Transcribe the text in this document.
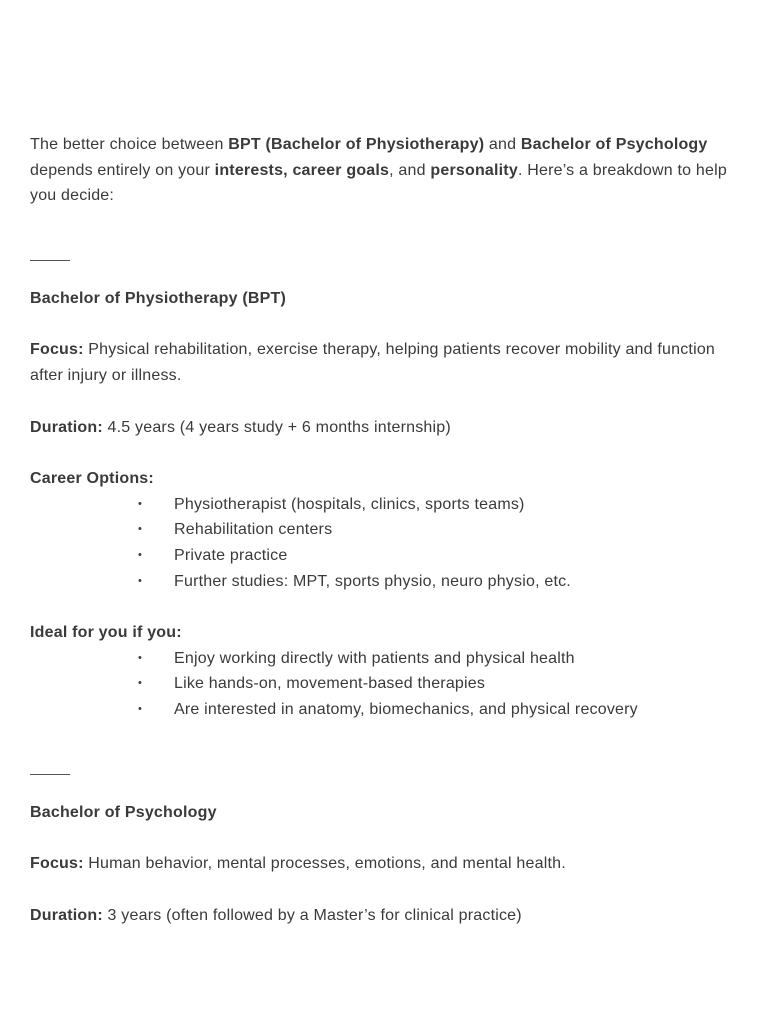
The better choice between BPT (Bachelor of Physiotherapy) and Bachelor of Psychology depends entirely on your interests, career goals, and personality. Here’s a breakdown to help you decide:

Bachelor of Physiotherapy (BPT)

Focus: Physical rehabilitation, exercise therapy, helping patients recover mobility and function after injury or illness.

Duration: 4.5 years (4 years study + 6 months internship)

Career Options:

• Physiotherapist (hospitals, clinics, sports teams)
• Rehabilitation centers
• Private practice
• Further studies: MPT, sports physio, neuro physio, etc.

Ideal for you if you:

• Enjoy working directly with patients and physical health
• Like hands-on, movement-based therapies
• Are interested in anatomy, biomechanics, and physical recovery

Bachelor of Psychology

Focus: Human behavior, mental processes, emotions, and mental health.

Duration: 3 years (often followed by a Master’s for clinical practice)
